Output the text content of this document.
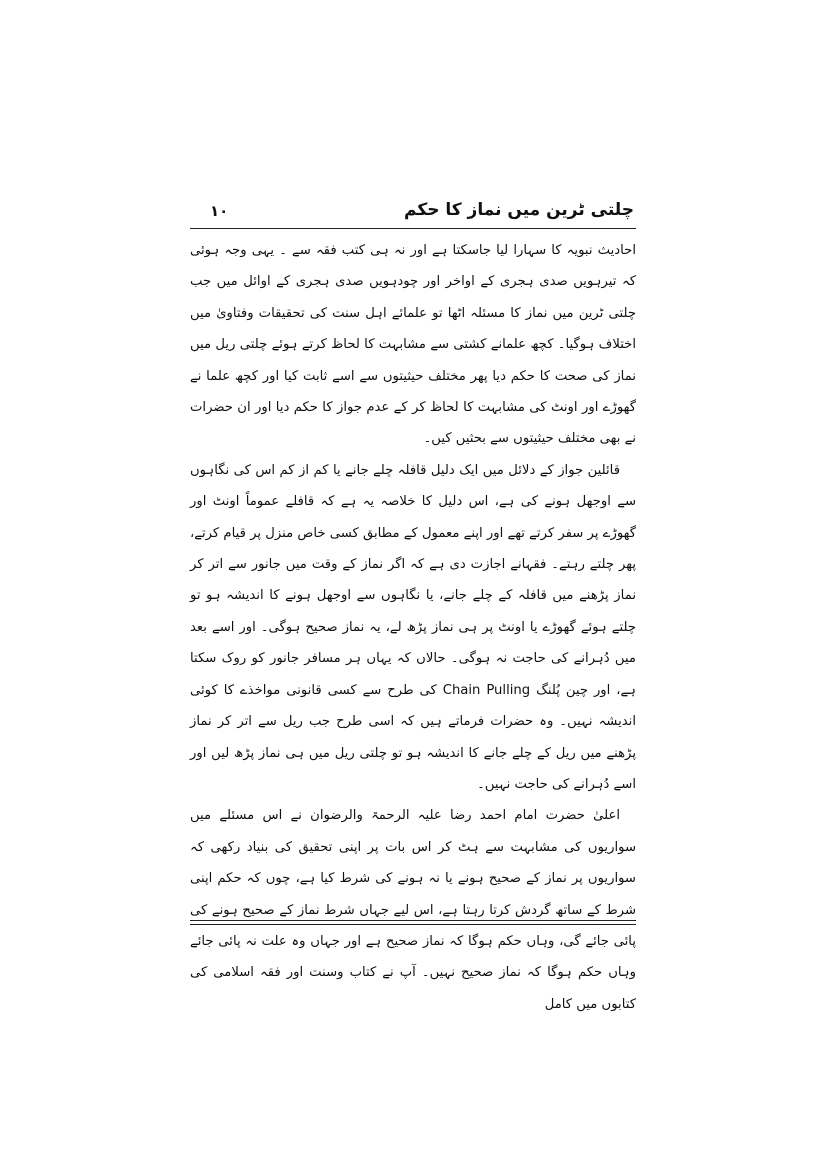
چلتی ٹرین میں نماز کا حکم
۱۰

احادیث نبویہ کا سہارا لیا جاسکتا ہے اور نہ ہی کتب فقہ سے ۔ یہی وجہ ہوئی کہ تیرہویں صدی ہجری کے اواخر اور چودہویں صدی ہجری کے اوائل میں جب چلتی ٹرین میں نماز کا مسئلہ اٹھا تو علمائے اہل سنت کی تحقیقات وفتاویٰ میں اختلاف ہوگیا۔ کچھ علمانے کشتی سے مشابہت کا لحاظ کرتے ہوئے چلتی ریل میں نماز کی صحت کا حکم دیا پھر مختلف حیثیتوں سے اسے ثابت کیا اور کچھ علما نے گھوڑے اور اونٹ کی مشابہت کا لحاظ کر کے عدم جواز کا حکم دیا اور ان حضرات نے بھی مختلف حیثیتوں سے بحثیں کیں۔

قائلین جواز کے دلائل میں ایک دلیل قافلہ چلے جانے یا کم از کم اس کی نگاہوں سے اوجھل ہونے کی ہے، اس دلیل کا خلاصہ یہ ہے کہ قافلے عموماً اونٹ اور گھوڑے پر سفر کرتے تھے اور اپنے معمول کے مطابق کسی خاص منزل پر قیام کرتے، پھر چلتے رہتے۔ فقہانے اجازت دی ہے کہ اگر نماز کے وقت میں جانور سے اتر کر نماز پڑھنے میں قافلہ کے چلے جانے، یا نگاہوں سے اوجھل ہونے کا اندیشہ ہو تو چلتے ہوئے گھوڑے یا اونٹ پر ہی نماز پڑھ لے، یہ نماز صحیح ہوگی۔ اور اسے بعد میں دُہرانے کی حاجت نہ ہوگی۔ حالاں کہ یہاں ہر مسافر جانور کو روک سکتا ہے، اور چین پُلنگ Chain Pulling کی طرح سے کسی قانونی مواخذے کا کوئی اندیشہ نہیں۔ وہ حضرات فرماتے ہیں کہ اسی طرح جب ریل سے اتر کر نماز پڑھنے میں ریل کے چلے جانے کا اندیشہ ہو تو چلتی ریل میں ہی نماز پڑھ لیں اور اسے دُہرانے کی حاجت نہیں۔

اعلیٰ حضرت امام احمد رضا علیہ الرحمۃ والرضوان نے اس مسئلے میں سواریوں کی مشابہت سے ہٹ کر اس بات پر اپنی تحقیق کی بنیاد رکھی کہ سواریوں پر نماز کے صحیح ہونے یا نہ ہونے کی شرط کیا ہے، چوں کہ حکم اپنی شرط کے ساتھ گردش کرتا رہتا ہے، اس لیے جہاں شرط نماز کے صحیح ہونے کی پائی جائے گی، وہاں حکم ہوگا کہ نماز صحیح ہے اور جہاں وہ علت نہ پائی جائے وہاں حکم ہوگا کہ نماز صحیح نہیں۔ آپ نے کتاب وسنت اور فقہ اسلامی کی کتابوں میں کامل
